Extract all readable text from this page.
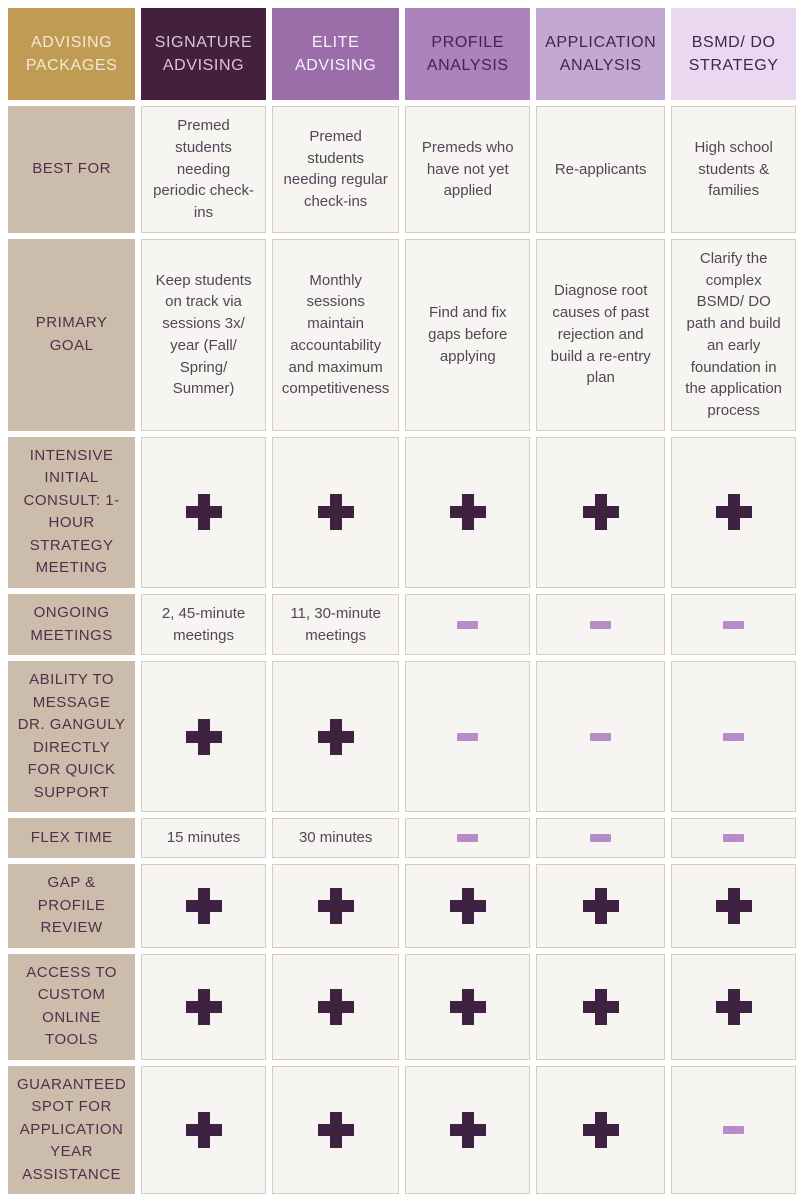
ADVISING PACKAGES
SIGNATURE ADVISING
ELITE ADVISING
PROFILE ANALYSIS
APPLICATION ANALYSIS
BSMD/ DO STRATEGY
BEST FOR
Premed students needing periodic check-ins
Premed students needing regular check-ins
Premeds who have not yet applied
Re-applicants
High school students & families
PRIMARY GOAL
Keep students on track via sessions 3x/ year (Fall/ Spring/ Summer)
Monthly sessions maintain accountability and maximum competitiveness
Find and fix gaps before applying
Diagnose root causes of past rejection and build a re-entry plan
Clarify the complex BSMD/ DO path and build an early foundation in the application process
INTENSIVE INITIAL CONSULT: 1-HOUR STRATEGY MEETING
ONGOING MEETINGS
2, 45-minute meetings
11, 30-minute meetings
ABILITY TO MESSAGE DR. GANGULY DIRECTLY FOR QUICK SUPPORT
FLEX TIME	15 minutes	30 minutes
GAP & PROFILE REVIEW
ACCESS TO CUSTOM ONLINE TOOLS
GUARANTEED SPOT FOR APPLICATION YEAR ASSISTANCE
